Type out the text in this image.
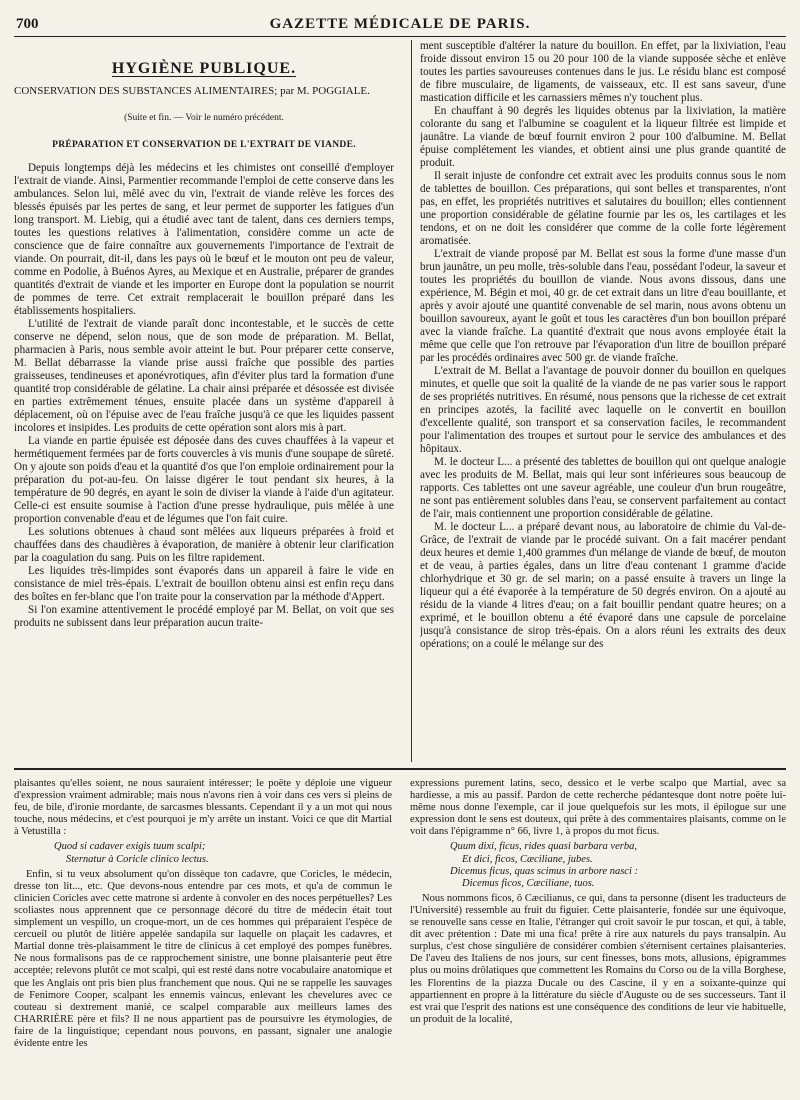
700	GAZETTE MÉDICALE DE PARIS.
HYGIÈNE PUBLIQUE.
CONSERVATION DES SUBSTANCES ALIMENTAIRES; par M. POGGIALE.
(Suite et fin. — Voir le numéro précédent.
PRÉPARATION ET CONSERVATION DE L'EXTRAIT DE VIANDE.

Depuis longtemps déjà les médecins et les chimistes ont conseillé d'employer l'extrait de viande. Ainsi, Parmentier recommande l'emploi de cette conserve dans les ambulances. Selon lui, mêlé avec du vin, l'extrait de viande relève les forces des blessés épuisés par les pertes de sang, et leur permet de supporter les fatigues d'un long transport. M. Liebig, qui a étudié avec tant de talent, dans ces derniers temps, toutes les questions relatives à l'alimentation, considère comme un acte de conscience que de faire connaître aux gouvernements l'importance de l'extrait de viande. On pourrait, dit-il, dans les pays où le bœuf et le mouton ont peu de valeur, comme en Podolie, à Buénos Ayres, au Mexique et en Australie, préparer de grandes quantités d'extrait de viande et les importer en Europe dont la population se nourrit de pommes de terre. Cet extrait remplacerait le bouillon préparé dans les établissements hospitaliers.

L'utilité de l'extrait de viande paraît donc incontestable, et le succès de cette conserve ne dépend, selon nous, que de son mode de préparation. M. Bellat, pharmacien à Paris, nous semble avoir atteint le but. Pour préparer cette conserve, M. Bellat débarrasse la viande prise aussi fraîche que possible des parties graisseuses, tendineuses et aponévrotiques, afin d'éviter plus tard la formation d'une quantité trop considérable de gélatine. La chair ainsi préparée et désossée est divisée en parties extrêmement ténues, ensuite placée dans un système d'appareil à déplacement, où on l'épuise avec de l'eau fraîche jusqu'à ce que les liquides passent incolores et insipides. Les produits de cette opération sont alors mis à part.

La viande en partie épuisée est déposée dans des cuves chauffées à la vapeur et hermétiquement fermées par de forts couvercles à vis munis d'une soupape de sûreté. On y ajoute son poids d'eau et la quantité d'os que l'on emploie ordinairement pour la préparation du pot-au-feu. On laisse digérer le tout pendant six heures, à la température de 90 degrés, en ayant le soin de diviser la viande à l'aide d'un agitateur. Celle-ci est ensuite soumise à l'action d'une presse hydraulique, puis mêlée à une proportion convenable d'eau et de légumes que l'on fait cuire.

Les solutions obtenues à chaud sont mêlées aux liqueurs préparées à froid et chauffées dans des chaudières à évaporation, de manière à obtenir leur clarification par la coagulation du sang. Puis on les filtre rapidement.

Les liquides très-limpides sont évaporés dans un appareil à faire le vide en consistance de miel très-épais. L'extrait de bouillon obtenu ainsi est enfin reçu dans des boîtes en fer-blanc que l'on traite pour la conservation par la méthode d'Appert.

Si l'on examine attentivement le procédé employé par M. Bellat, on voit que ses produits ne subissent dans leur préparation aucun traite-

ment susceptible d'altérer la nature du bouillon. En effet, par la lixiviation, l'eau froide dissout environ 15 ou 20 pour 100 de la viande supposée sèche et enlève toutes les parties savoureuses contenues dans le jus. Le résidu blanc est composé de fibre musculaire, de ligaments, de vaisseaux, etc. Il est sans saveur, d'une mastication difficile et les carnassiers mêmes n'y touchent plus.

En chauffant à 90 degrés les liquides obtenus par la lixiviation, la matière colorante du sang et l'albumine se coagulent et la liqueur filtrée est limpide et jaunâtre. La viande de bœuf fournit environ 2 pour 100 d'albumine. M. Bellat épuise complétement les viandes, et obtient ainsi une plus grande quantité de produit.

Il serait injuste de confondre cet extrait avec les produits connus sous le nom de tablettes de bouillon. Ces préparations, qui sont belles et transparentes, n'ont pas, en effet, les propriétés nutritives et salutaires du bouillon; elles contiennent une proportion considérable de gélatine fournie par les os, les cartilages et les tendons, et on ne doit les considérer que comme de la colle forte légèrement aromatisée.

L'extrait de viande proposé par M. Bellat est sous la forme d'une masse d'un brun jaunâtre, un peu molle, très-soluble dans l'eau, possédant l'odeur, la saveur et toutes les propriétés du bouillon de viande. Nous avons dissous, dans une expérience, M. Bégin et moi, 40 gr. de cet extrait dans un litre d'eau bouillante, et après y avoir ajouté une quantité convenable de sel marin, nous avons obtenu un bouillon savoureux, ayant le goût et tous les caractères d'un bon bouillon préparé avec la viande fraîche. La quantité d'extrait que nous avons employée était la même que celle que l'on retrouve par l'évaporation d'un litre de bouillon préparé par les procédés ordinaires avec 500 gr. de viande fraîche.

L'extrait de M. Bellat a l'avantage de pouvoir donner du bouillon en quelques minutes, et quelle que soit la qualité de la viande de ne pas varier sous le rapport de ses propriétés nutritives. En résumé, nous pensons que la richesse de cet extrait en principes azotés, la facilité avec laquelle on le convertit en bouillon d'excellente qualité, son transport et sa conservation faciles, le recommandent pour l'alimentation des troupes et surtout pour le service des ambulances et des hôpitaux.

M. le docteur L... a présenté des tablettes de bouillon qui ont quelque analogie avec les produits de M. Bellat, mais qui leur sont inférieures sous beaucoup de rapports. Ces tablettes ont une saveur agréable, une couleur d'un brun rougeâtre, ne sont pas entièrement solubles dans l'eau, se conservent parfaitement au contact de l'air, mais contiennent une proportion considérable de gélatine.

M. le docteur L... a préparé devant nous, au laboratoire de chimie du Val-de-Grâce, de l'extrait de viande par le procédé suivant. On a fait macérer pendant deux heures et demie 1,400 grammes d'un mélange de viande de bœuf, de mouton et de veau, à parties égales, dans un litre d'eau contenant 1 gramme d'acide chlorhydrique et 30 gr. de sel marin; on a passé ensuite à travers un linge la liqueur qui a été évaporée à la température de 50 degrés environ. On a ajouté au résidu de la viande 4 litres d'eau; on a fait bouillir pendant quatre heures; on a exprimé, et le bouillon obtenu a été évaporé dans une capsule de porcelaine jusqu'à consistance de sirop très-épais. On a alors réuni les extraits des deux opérations; on a coulé le mélange sur des

plaisantes qu'elles soient, ne nous sauraient intéresser; le poëte y déploie une vigueur d'expression vraiment admirable; mais nous n'avons rien à voir dans ces vers si pleins de feu, de bile, d'ironie mordante, de sarcasmes blessants. Cependant il y a un mot qui nous touche, nous médecins, et c'est pourquoi je m'y arrête un instant. Voici ce que dit Martial à Vetustilla :

Quod si cadaver exigis tuum scalpi;
Sternatur à Coricle clinico lectus.

Enfin, si tu veux absolument qu'on dissèque ton cadavre, que Coricles, le médecin, dresse ton lit..., etc. Que devons-nous entendre par ces mots, et qu'a de commun le clinicien Coricles avec cette matrone si ardente à convoler en des noces perpétuelles? Les scoliastes nous apprennent que ce personnage décoré du titre de médecin était tout simplement un vespillo, un croque-mort, un de ces hommes qui préparaient l'espèce de cercueil ou plutôt de litière appelée sandapila sur laquelle on plaçait les cadavres, et Martial donne très-plaisamment le titre de clinicus à cet employé des pompes funèbres. Ne nous formalisons pas de ce rapprochement sinistre, une bonne plaisanterie peut être acceptée; relevons plutôt ce mot scalpi, qui est resté dans notre vocabulaire anatomique et que les Anglais ont pris bien plus franchement que nous. Qui ne se rappelle les sauvages de Fenimore Cooper, scalpant les ennemis vaincus, enlevant les chevelures avec ce couteau si dextrement manié, ce scalpel comparable aux meilleurs lames des CHARRIÈRE père et fils? Il ne nous appartient pas de poursuivre les étymologies, de faire de la linguistique; cependant nous pouvons, en passant, signaler une analogie évidente entre les

expressions purement latins, seco, dessico et le verbe scalpo que Martial, avec sa hardiesse, a mis au passif. Pardon de cette recherche pédantesque dont notre poëte lui-même nous donne l'exemple, car il joue quelquefois sur les mots, il épilogue sur une expression dont le sens est douteux, qui prête à des commentaires plaisants, comme on le voit dans l'épigramme n° 66, livre 1, à propos du mot ficus.

Quum dixi, ficus, rides quasi barbara verba,
Et dici, ficos, Cæciliane, jubes.
Dicemus ficus, quas scimus in arbore nasci :
Dicemus ficos, Cæciliane, tuos.

Nous nommons ficos, ô Cæcilianus, ce qui, dans ta personne (disent les traducteurs de l'Université) ressemble au fruit du figuier. Cette plaisanterie, fondée sur une équivoque, se renouvelle sans cesse en Italie, l'étranger qui croit savoir le pur toscan, et qui, à table, dit avec prétention : Date mi una fica! prête à rire aux naturels du pays transalpin. Au surplus, c'est chose singulière de considérer combien s'éternisent certaines plaisanteries. De l'aveu des Italiens de nos jours, sur cent finesses, bons mots, allusions, épigrammes plus ou moins drôlatiques que commettent les Romains du Corso ou de la villa Borghese, les Florentins de la piazza Ducale ou des Cascine, il y en a soixante-quinze qui appartiennent en propre à la littérature du siècle d'Auguste ou de ses successeurs. Tant il est vrai que l'esprit des nations est une conséquence des conditions de leur vie habituelle, un produit de la localité,
